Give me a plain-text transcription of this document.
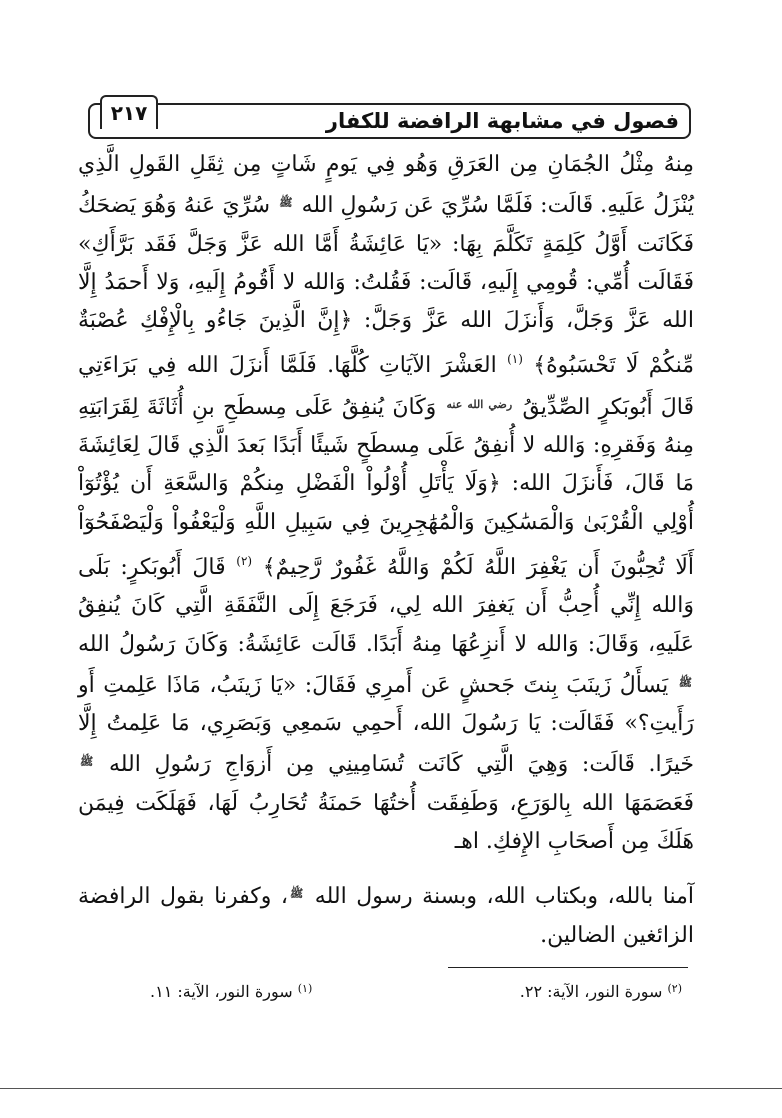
٢١٧	فصول في مشابهة الرافضة للكفار

مِنهُ مِثْلُ الجُمَانِ مِن العَرَقِ وَهُو فِي يَومٍ شَاتٍ مِن ثِقَلِ القَولِ الَّذِي يُنْزَلُ عَلَيهِ. قَالَت: فَلَمَّا سُرِّيَ عَن رَسُولِ الله $^ﷺ$ سُرِّيَ عَنهُ وَهُوَ يَضحَكُ فَكَانَت أَوَّلُ كَلِمَةٍ تَكَلَّمَ بِهَا: «يَا عَائِشَةُ أَمَّا الله عَزَّ وَجَلَّ فَقَد بَرَّأَكِ» فَقَالَت أُمِّي: قُومِي إِلَيهِ، قَالَت: فَقُلتُ: وَالله لا أَقُومُ إِلَيهِ، وَلا أَحمَدُ إِلَّا الله عَزَّ وَجَلَّ، وَأَنزَلَ الله عَزَّ وَجَلَّ: ﴿إِنَّ الَّذِينَ جَاءُو بِالْإِفْكِ عُصْبَةٌ مِّنكُمْ لَا تَحْسَبُوهُ﴾ $^{(١)}$ العَشْرَ الآيَاتِ كُلَّهَا. فَلَمَّا أَنزَلَ الله فِي بَرَاءَتِي قَالَ أَبُوبَكرٍ الصِّدِّيقُ $^{رضي الله عنه}$ وَكَانَ يُنفِقُ عَلَى مِسطَحِ بنِ أُثَاثَةَ لِقَرَابَتِهِ مِنهُ وَفَقرِهِ: وَالله لا أُنفِقُ عَلَى مِسطَحٍ شَيئًا أَبَدًا بَعدَ الَّذِي قَالَ لِعَائِشَةَ مَا قَالَ، فَأَنزَلَ الله: ﴿وَلَا يَأْتَلِ أُوْلُواْ الْفَضْلِ مِنكُمْ وَالسَّعَةِ أَن يُؤْتُوٓاْ أُوْلِي الْقُرْبَىٰ وَالْمَسَٰكِينَ وَالْمُهَٰجِرِينَ فِي سَبِيلِ اللَّهِ وَلْيَعْفُواْ وَلْيَصْفَحُوٓاْ أَلَا تُحِبُّونَ أَن يَغْفِرَ اللَّهُ لَكُمْ وَاللَّهُ غَفُورٌ رَّحِيمٌ﴾ $^{(٢)}$ قَالَ أَبُوبَكرٍ: بَلَى وَالله إِنِّي أُحِبُّ أَن يَغفِرَ الله لِي، فَرَجَعَ إِلَى النَّفَقَةِ الَّتِي كَانَ يُنفِقُ عَلَيهِ، وَقَالَ: وَالله لا أَنزِعُهَا مِنهُ أَبَدًا. قَالَت عَائِشَةُ: وَكَانَ رَسُولُ الله $^ﷺ$ يَسأَلُ زَينَبَ بِنتَ جَحشٍ عَن أَمرِي فَقَالَ: «يَا زَينَبُ، مَاذَا عَلِمتِ أَو رَأَيتِ؟» فَقَالَت: يَا رَسُولَ الله، أَحمِي سَمعِي وَبَصَرِي، مَا عَلِمتُ إِلَّا خَيرًا. قَالَت: وَهِيَ الَّتِي كَانَت تُسَامِينِي مِن أَزوَاجِ رَسُولِ الله $^ﷺ$ فَعَصَمَهَا الله بِالوَرَعِ، وَطَفِقَت أُختُهَا حَمنَةُ تُحَارِبُ لَهَا، فَهَلَكَت فِيمَن هَلَكَ مِن أَصحَابِ الإِفكِ. اهـ

آمنا بالله، وبكتاب الله، وبسنة رسول الله $^ﷺ$، وكفرنا بقول الرافضة الزائغين الضالين.

$^{(١)}$ سورة النور، الآية: ١١.	$^{(٢)}$ سورة النور، الآية: ٢٢.
